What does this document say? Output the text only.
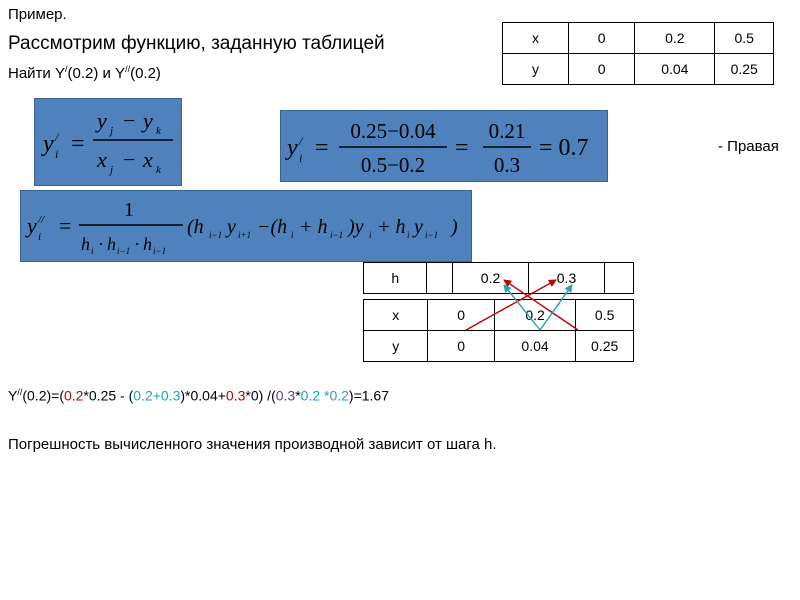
Пример.
Рассмотрим функцию, заданную таблицей
Найти Y/(0.2) и Y//(0.2)
x	0	0.2	0.5
y	0	0.04	0.25
y /
i =
y j − y k
x j − x k
y /
i =
0.25−0.04
0.5−0.2
=
0.21
0.3
= 0.7	- Правая
y //
i =
1
h i · h i−1 · h i−1
(h i−1 y i+1 −(h i + h i−1 )y i + h i y i−1 )
h		0.2	0.3	
x	0	0.2	0.5
y	0	0.04	0.25
Y//(0.2)=(0.2*0.25 - (0.2+0.3)*0.04+0.3*0) /(0.3*0.2 *0.2)=1.67
Погрешность вычисленного значения производной зависит от шага h.
